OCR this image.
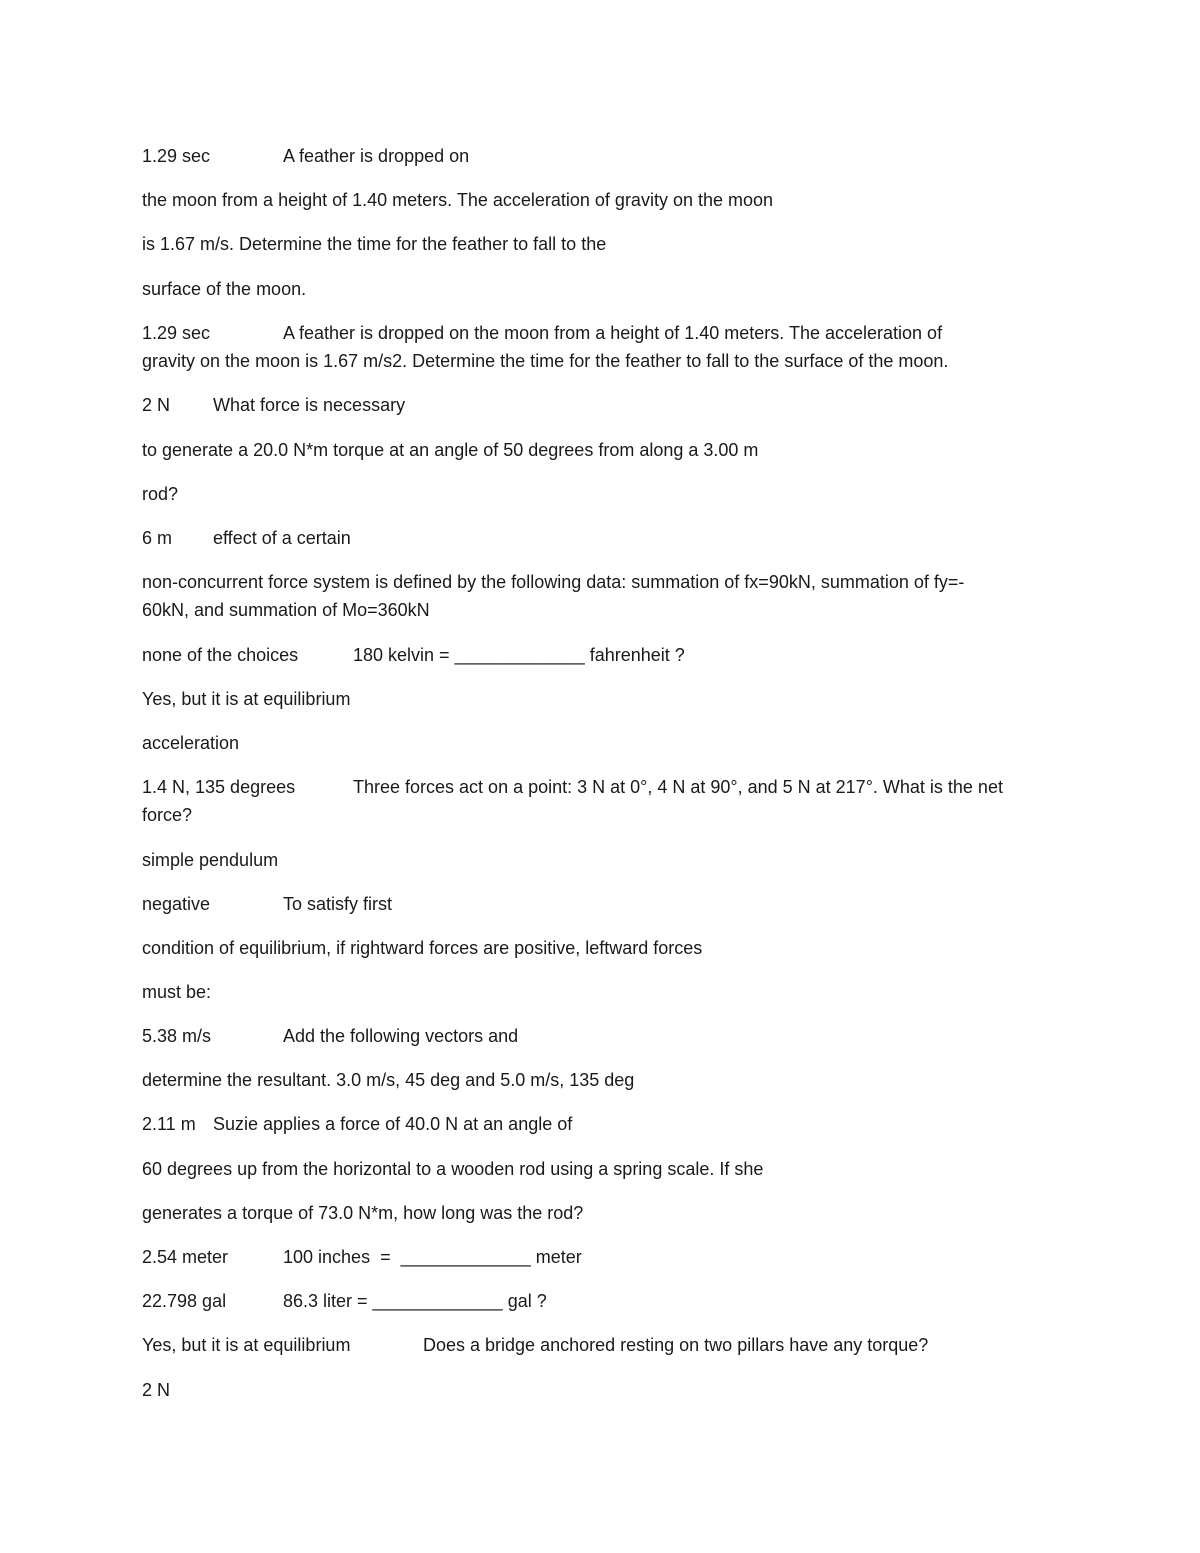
1.29 sec	A feather is dropped on
the moon from a height of 1.40 meters. The acceleration of gravity on the moon
is 1.67 m/s. Determine the time for the feather to fall to the
surface of the moon.
1.29 sec	A feather is dropped on the moon from a height of 1.40 meters. The acceleration of
gravity on the moon is 1.67 m/s2. Determine the time for the feather to fall to the surface of the moon.
2 N What force is necessary
to generate a 20.0 N*m torque at an angle of 50 degrees from along a 3.00 m
rod?
6 m effect of a certain
non-concurrent force system is defined by the following data: summation of fx=90kN, summation of fy=-
60kN, and summation of Mo=360kN
none of the choices	180 kelvin = _____________ fahrenheit ?
Yes, but it is at equilibrium
acceleration
1.4 N, 135 degrees	Three forces act on a point: 3 N at 0°, 4 N at 90°, and 5 N at 217°. What is the net
force?
simple pendulum
negative	To satisfy first
condition of equilibrium, if rightward forces are positive, leftward forces
must be:
5.38 m/s	Add the following vectors and
determine the resultant. 3.0 m/s, 45 deg and 5.0 m/s, 135 deg
2.11 m Suzie applies a force of 40.0 N at an angle of
60 degrees up from the horizontal to a wooden rod using a spring scale. If she
generates a torque of 73.0 N*m, how long was the rod?
2.54 meter	100 inches  =  _____________ meter
22.798 gal	86.3 liter = _____________ gal ?
Yes, but it is at equilibrium	Does a bridge anchored resting on two pillars have any torque?
2 N
